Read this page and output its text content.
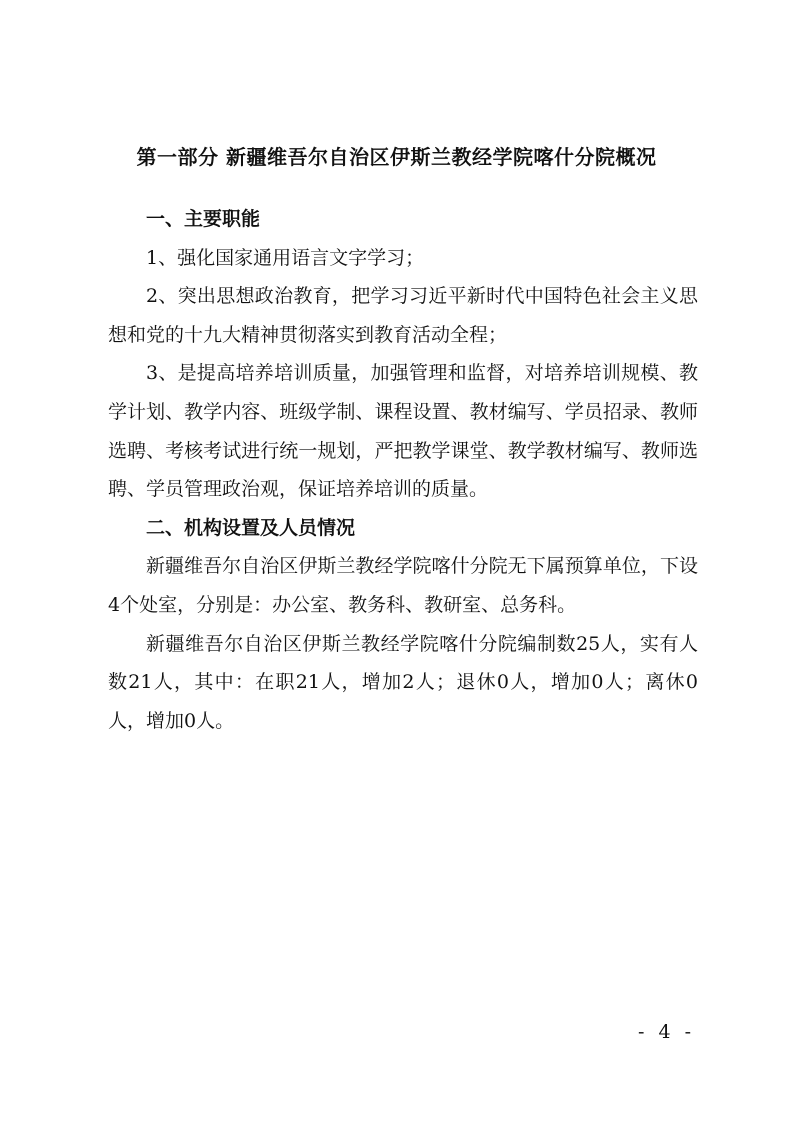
第一部分 新疆维吾尔自治区伊斯兰教经学院喀什分院概况

一、主要职能

1、强化国家通用语言文字学习；

2、突出思想政治教育，把学习习近平新时代中国特色社会主义思想和党的十九大精神贯彻落实到教育活动全程；

3、是提高培养培训质量，加强管理和监督，对培养培训规模、教学计划、教学内容、班级学制、课程设置、教材编写、学员招录、教师选聘、考核考试进行统一规划，严把教学课堂、教学教材编写、教师选聘、学员管理政治观，保证培养培训的质量。

二、机构设置及人员情况

新疆维吾尔自治区伊斯兰教经学院喀什分院无下属预算单位，下设4个处室，分别是：办公室、教务科、教研室、总务科。

新疆维吾尔自治区伊斯兰教经学院喀什分院编制数25人，实有人数21人，其中：在职21人，增加2人；退休0人，增加0人；离休0人，增加0人。

- 4 -
